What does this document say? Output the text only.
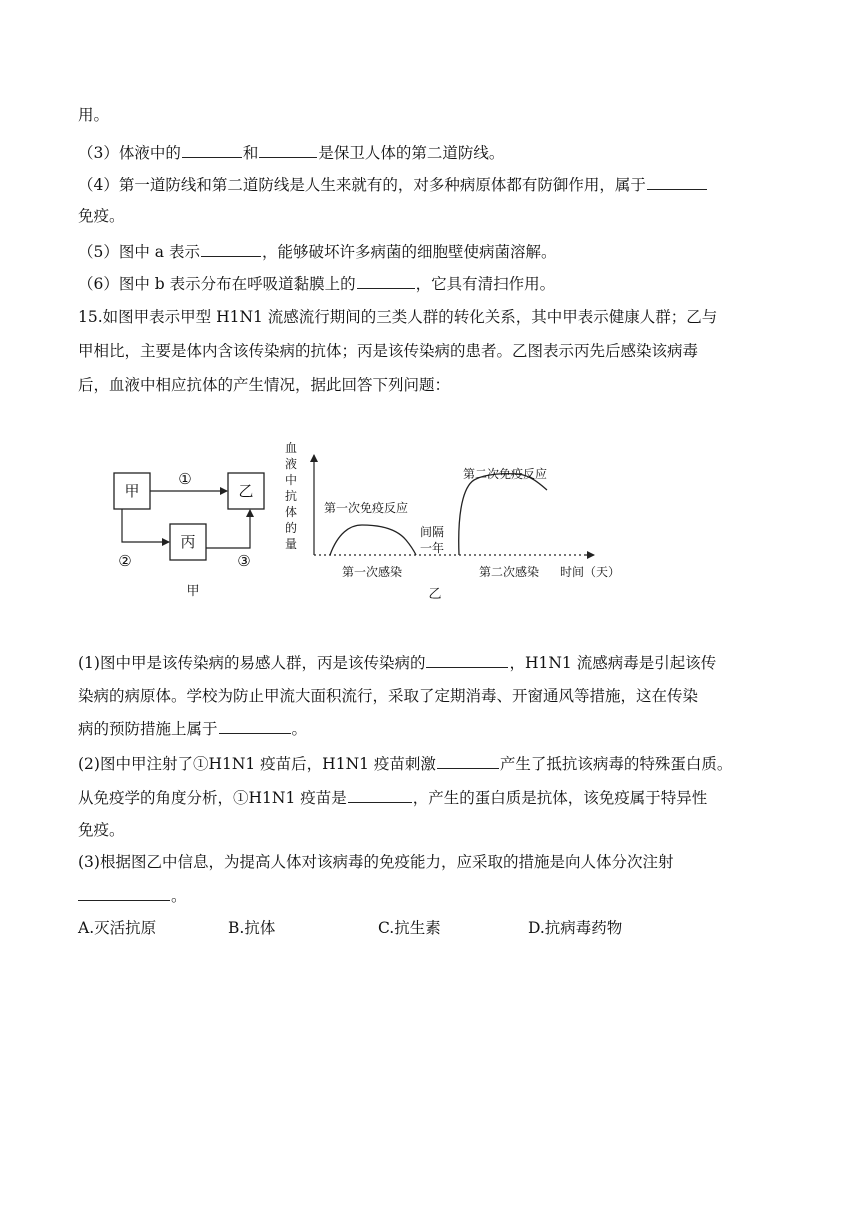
用。
（3）体液中的	和	是保卫人体的第二道防线。
（4）第一道防线和第二道防线是人生来就有的，对多种病原体都有防御作用，属于
免疫。
（5）图中 a 表示	，能够破坏许多病菌的细胞壁使病菌溶解。
（6）图中 b 表示分布在呼吸道黏膜上的	，它具有清扫作用。
15.如图甲表示甲型 H1N1 流感流行期间的三类人群的转化关系，其中甲表示健康人群；乙与
甲相比，主要是体内含该传染病的抗体；丙是该传染病的患者。乙图表示丙先后感染该病毒
后，血液中相应抗体的产生情况，据此回答下列问题：
甲	乙
丙
①
②	③
甲
血
液
中
抗
体
的
量
第一次免疫反应
第二次免疫反应
间隔
一年
第一次感染	第二次感染 时间（天）
乙
(1)图中甲是该传染病的易感人群，丙是该传染病的	，H1N1 流感病毒是引起该传
染病的病原体。学校为防止甲流大面积流行，采取了定期消毒、开窗通风等措施，这在传染
病的预防措施上属于	。
(2)图中甲注射了①H1N1 疫苗后，H1N1 疫苗刺激	产生了抵抗该病毒的特殊蛋白质。
从免疫学的角度分析，①H1N1 疫苗是	，产生的蛋白质是抗体，该免疫属于特异性
免疫。
(3)根据图乙中信息，为提高人体对该病毒的免疫能力，应采取的措施是向人体分次注射
。
A.灭活抗原	B.抗体	C.抗生素	D.抗病毒药物
